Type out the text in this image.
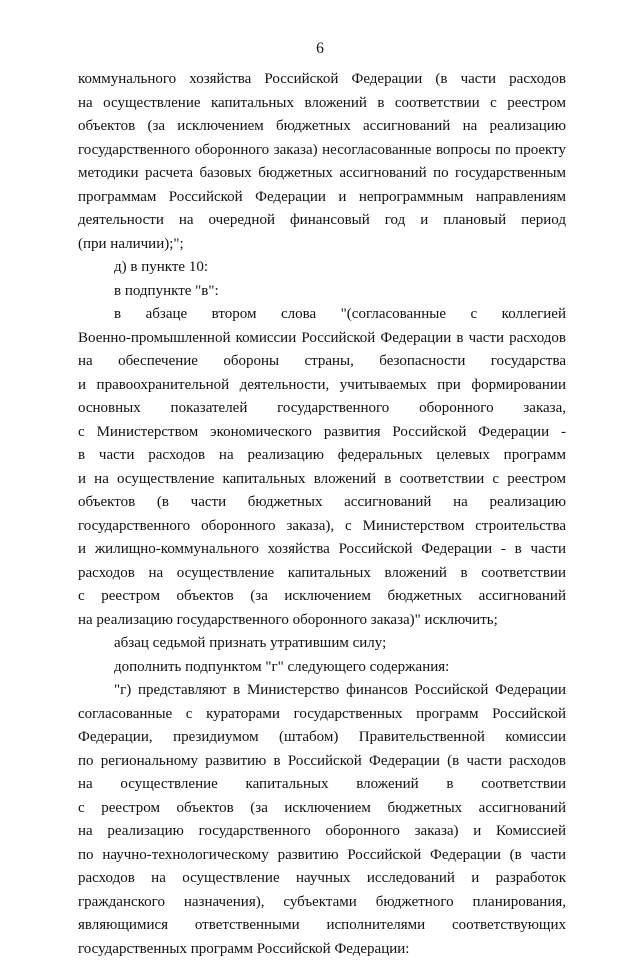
6
коммунального хозяйства Российской Федерации (в части расходов
на осуществление капитальных вложений в соответствии с реестром
объектов (за исключением бюджетных ассигнований на реализацию
государственного оборонного заказа) несогласованные вопросы по проекту
методики расчета базовых бюджетных ассигнований по государственным
программам Российской Федерации и непрограммным направлениям
деятельности на очередной финансовый год и плановый период
(при наличии);";
д) в пункте 10:
в подпункте "в":
в абзаце втором слова "(согласованные с коллегией
Военно-промышленной комиссии Российской Федерации в части расходов
на обеспечение обороны страны, безопасности государства
и правоохранительной деятельности, учитываемых при формировании
основных показателей государственного оборонного заказа,
с Министерством экономического развития Российской Федерации -
в части расходов на реализацию федеральных целевых программ
и на осуществление капитальных вложений в соответствии с реестром
объектов (в части бюджетных ассигнований на реализацию
государственного оборонного заказа), с Министерством строительства
и жилищно-коммунального хозяйства Российской Федерации - в части
расходов на осуществление капитальных вложений в соответствии
с реестром объектов (за исключением бюджетных ассигнований
на реализацию государственного оборонного заказа)" исключить;
абзац седьмой признать утратившим силу;
дополнить подпунктом "г" следующего содержания:
"г) представляют в Министерство финансов Российской Федерации
согласованные с кураторами государственных программ Российской
Федерации, президиумом (штабом) Правительственной комиссии
по региональному развитию в Российской Федерации (в части расходов
на осуществление капитальных вложений в соответствии
с реестром объектов (за исключением бюджетных ассигнований
на реализацию государственного оборонного заказа) и Комиссией
по научно-технологическому развитию Российской Федерации (в части
расходов на осуществление научных исследований и разработок
гражданского назначения), субъектами бюджетного планирования,
являющимися ответственными исполнителями соответствующих
государственных программ Российской Федерации:
